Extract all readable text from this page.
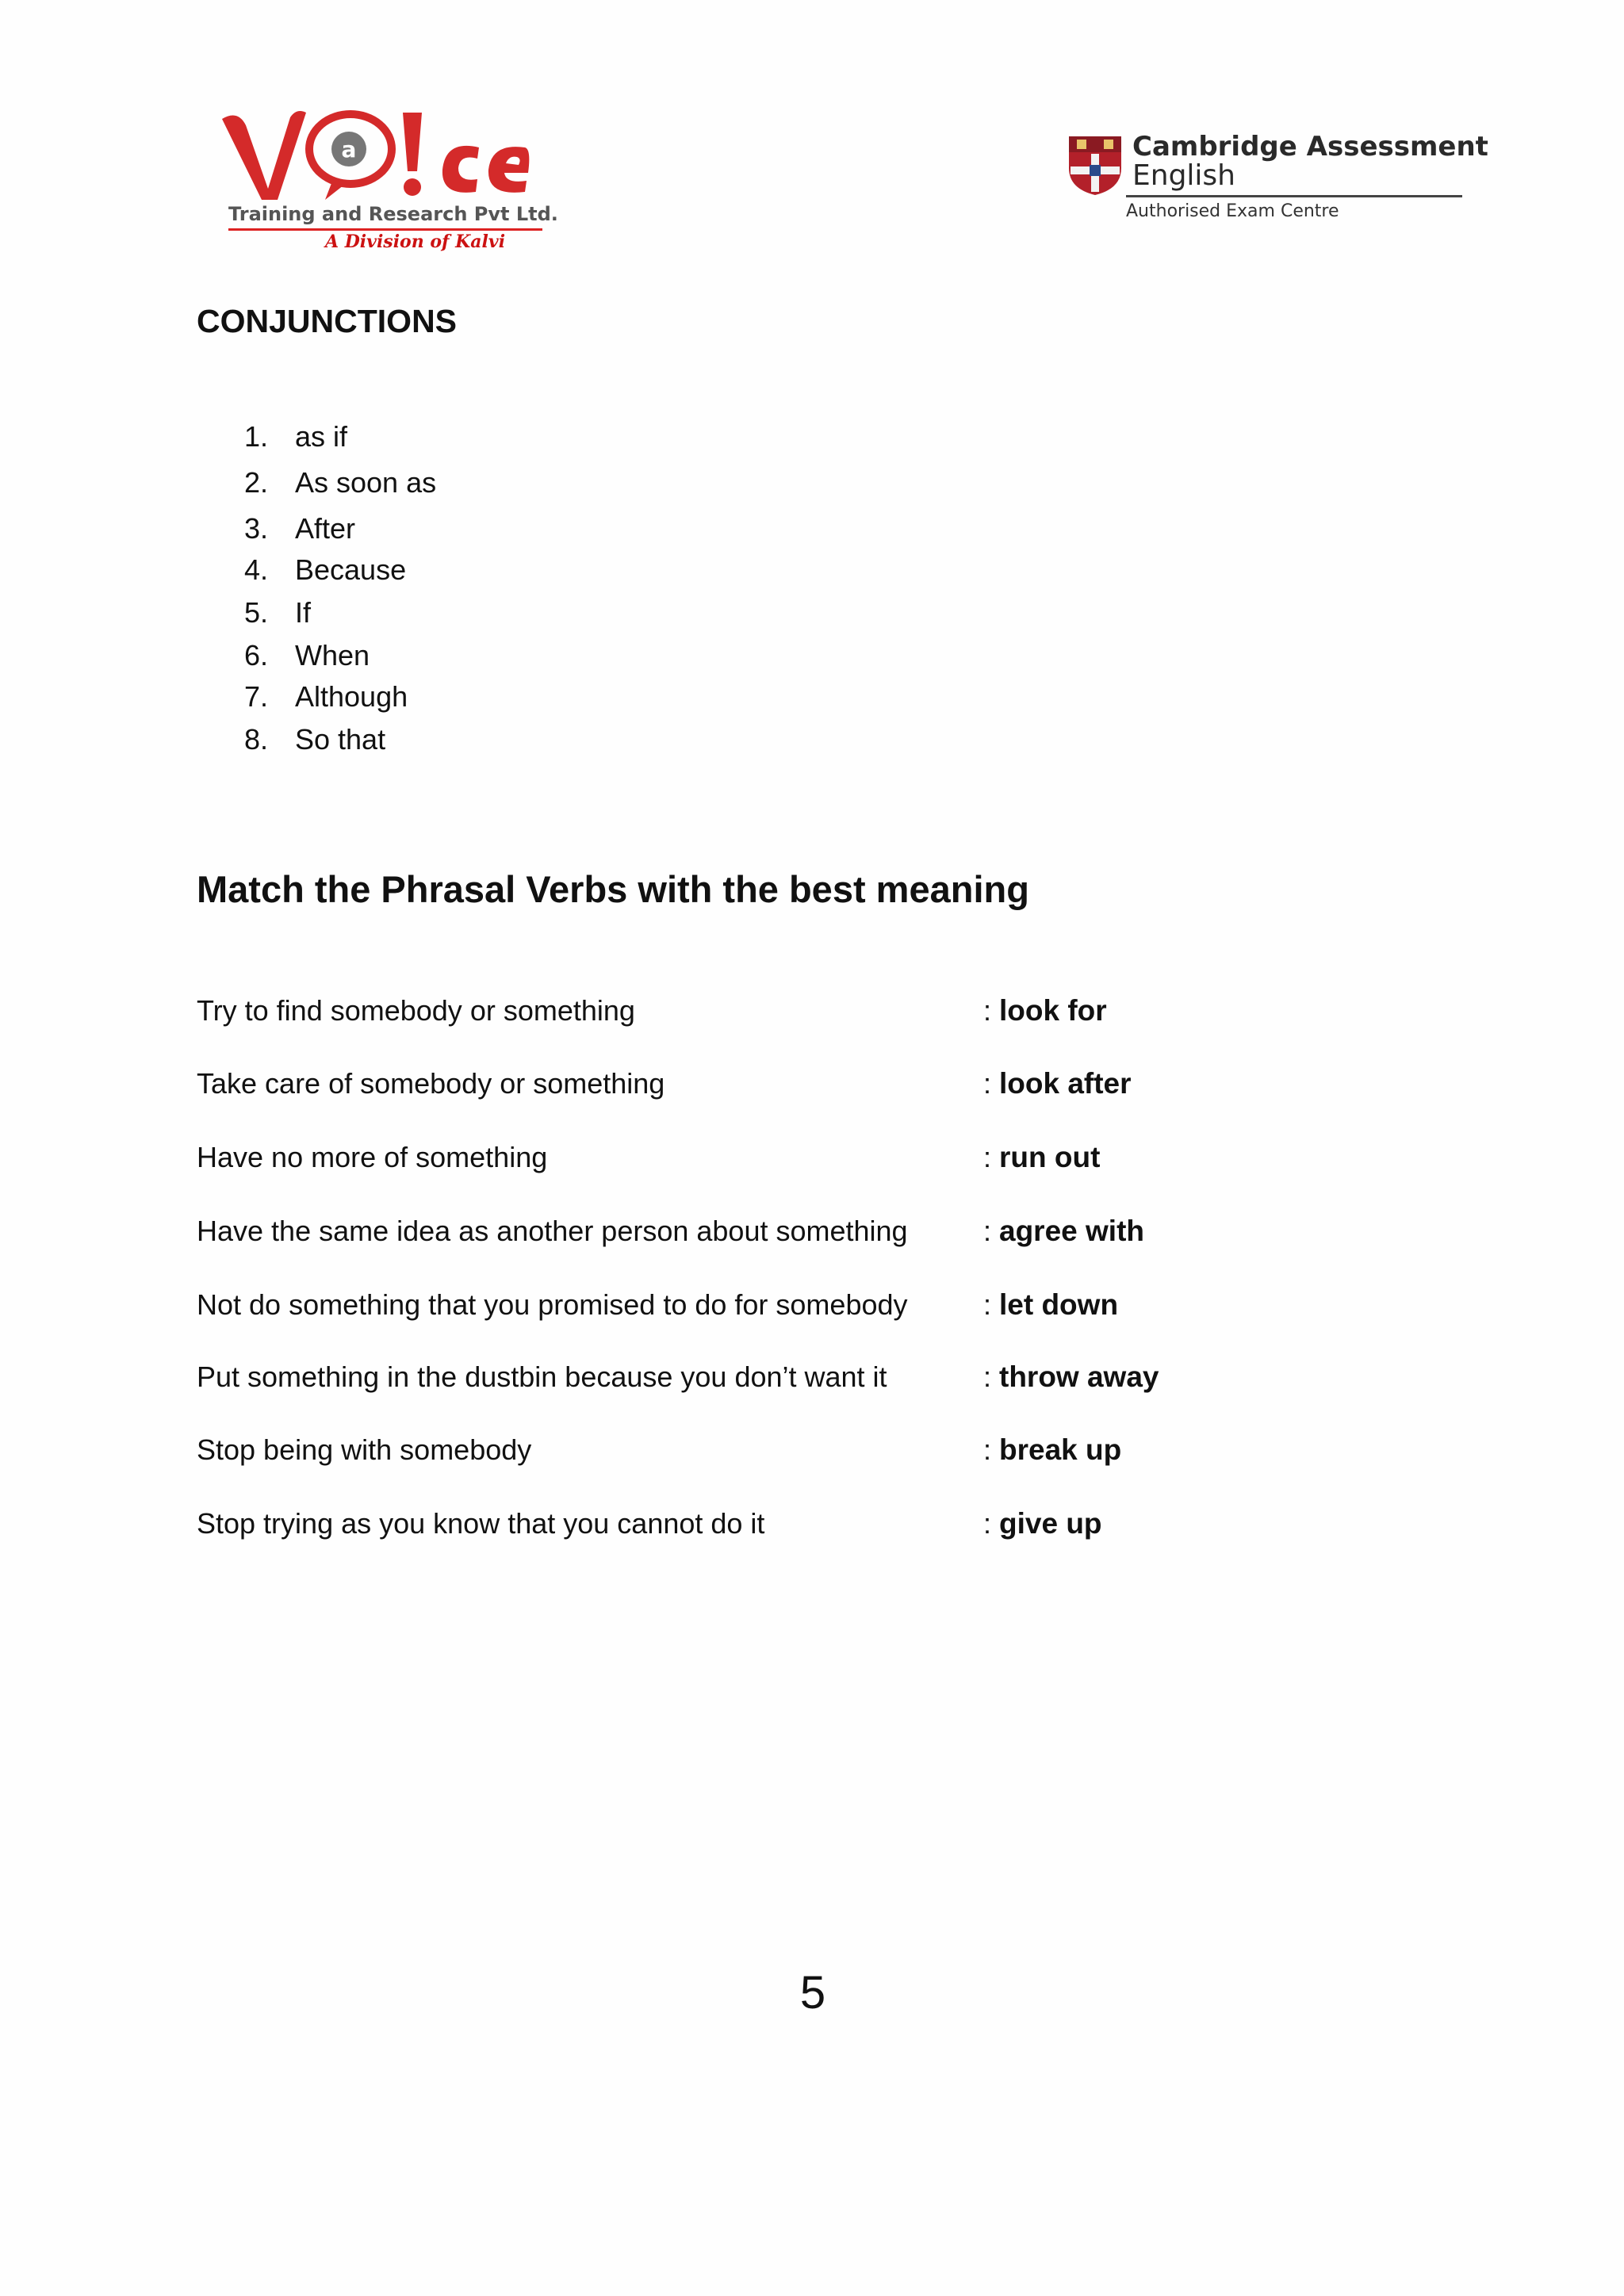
a
Training and Research Pvt Ltd.
A Division of Kalvi
Cambridge Assessment
English
Authorised Exam Centre
CONJUNCTIONS
1. as if
2. As soon as
3. After
4. Because
5. If
6. When
7. Although
8. So that
Match the Phrasal Verbs with the best meaning
Try to find somebody or something	: look for
Take care of somebody or something	: look after
Have no more of something	: run out
Have the same idea as another person about something	: agree with
Not do something that you promised to do for somebody	: let down
Put something in the dustbin because you don’t want it	: throw away
Stop being with somebody	: break up
Stop trying as you know that you cannot do it	: give up
5
